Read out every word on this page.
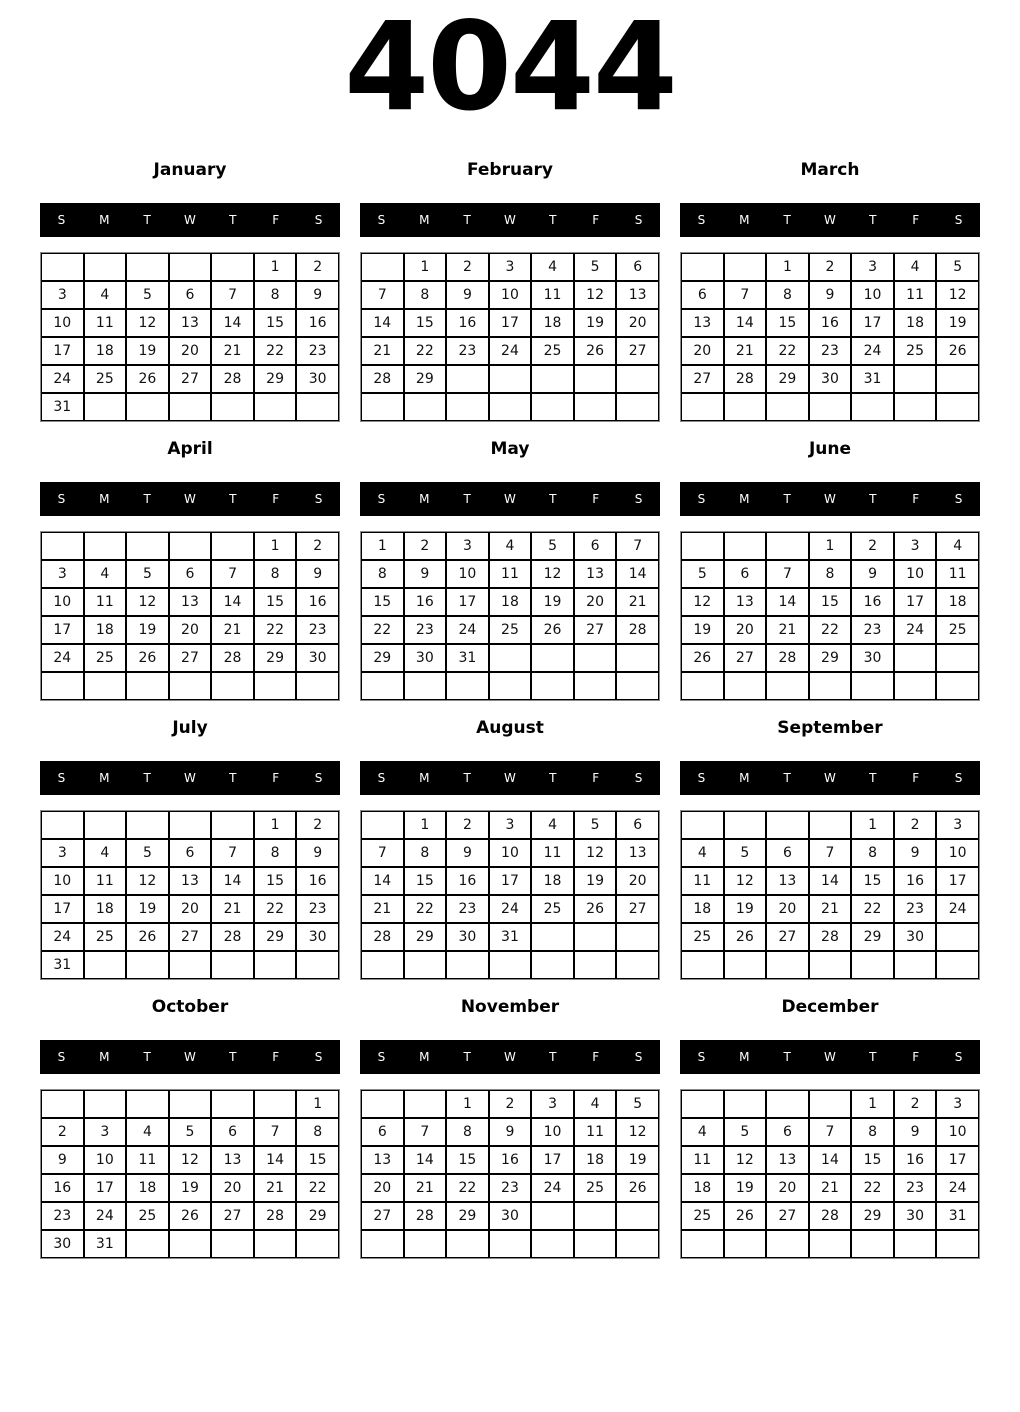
4044
January
S	M	T	W	T	F	S
					1	2
3	4	5	6	7	8	9
10	11	12	13	14	15	16
17	18	19	20	21	22	23
24	25	26	27	28	29	30
31						
February
S	M	T	W	T	F	S
	1	2	3	4	5	6
7	8	9	10	11	12	13
14	15	16	17	18	19	20
21	22	23	24	25	26	27
28	29					

March
S	M	T	W	T	F	S
		1	2	3	4	5
6	7	8	9	10	11	12
13	14	15	16	17	18	19
20	21	22	23	24	25	26
27	28	29	30	31		

April
S	M	T	W	T	F	S
					1	2
3	4	5	6	7	8	9
10	11	12	13	14	15	16
17	18	19	20	21	22	23
24	25	26	27	28	29	30

May
S	M	T	W	T	F	S
1	2	3	4	5	6	7
8	9	10	11	12	13	14
15	16	17	18	19	20	21
22	23	24	25	26	27	28
29	30	31				

June
S	M	T	W	T	F	S
			1	2	3	4
5	6	7	8	9	10	11
12	13	14	15	16	17	18
19	20	21	22	23	24	25
26	27	28	29	30		

July
S	M	T	W	T	F	S
					1	2
3	4	5	6	7	8	9
10	11	12	13	14	15	16
17	18	19	20	21	22	23
24	25	26	27	28	29	30
31						
August
S	M	T	W	T	F	S
	1	2	3	4	5	6
7	8	9	10	11	12	13
14	15	16	17	18	19	20
21	22	23	24	25	26	27
28	29	30	31			

September
S	M	T	W	T	F	S
				1	2	3
4	5	6	7	8	9	10
11	12	13	14	15	16	17
18	19	20	21	22	23	24
25	26	27	28	29	30	

October
S	M	T	W	T	F	S
						1
2	3	4	5	6	7	8
9	10	11	12	13	14	15
16	17	18	19	20	21	22
23	24	25	26	27	28	29
30	31					
November
S	M	T	W	T	F	S
		1	2	3	4	5
6	7	8	9	10	11	12
13	14	15	16	17	18	19
20	21	22	23	24	25	26
27	28	29	30			

December
S	M	T	W	T	F	S
				1	2	3
4	5	6	7	8	9	10
11	12	13	14	15	16	17
18	19	20	21	22	23	24
25	26	27	28	29	30	31
